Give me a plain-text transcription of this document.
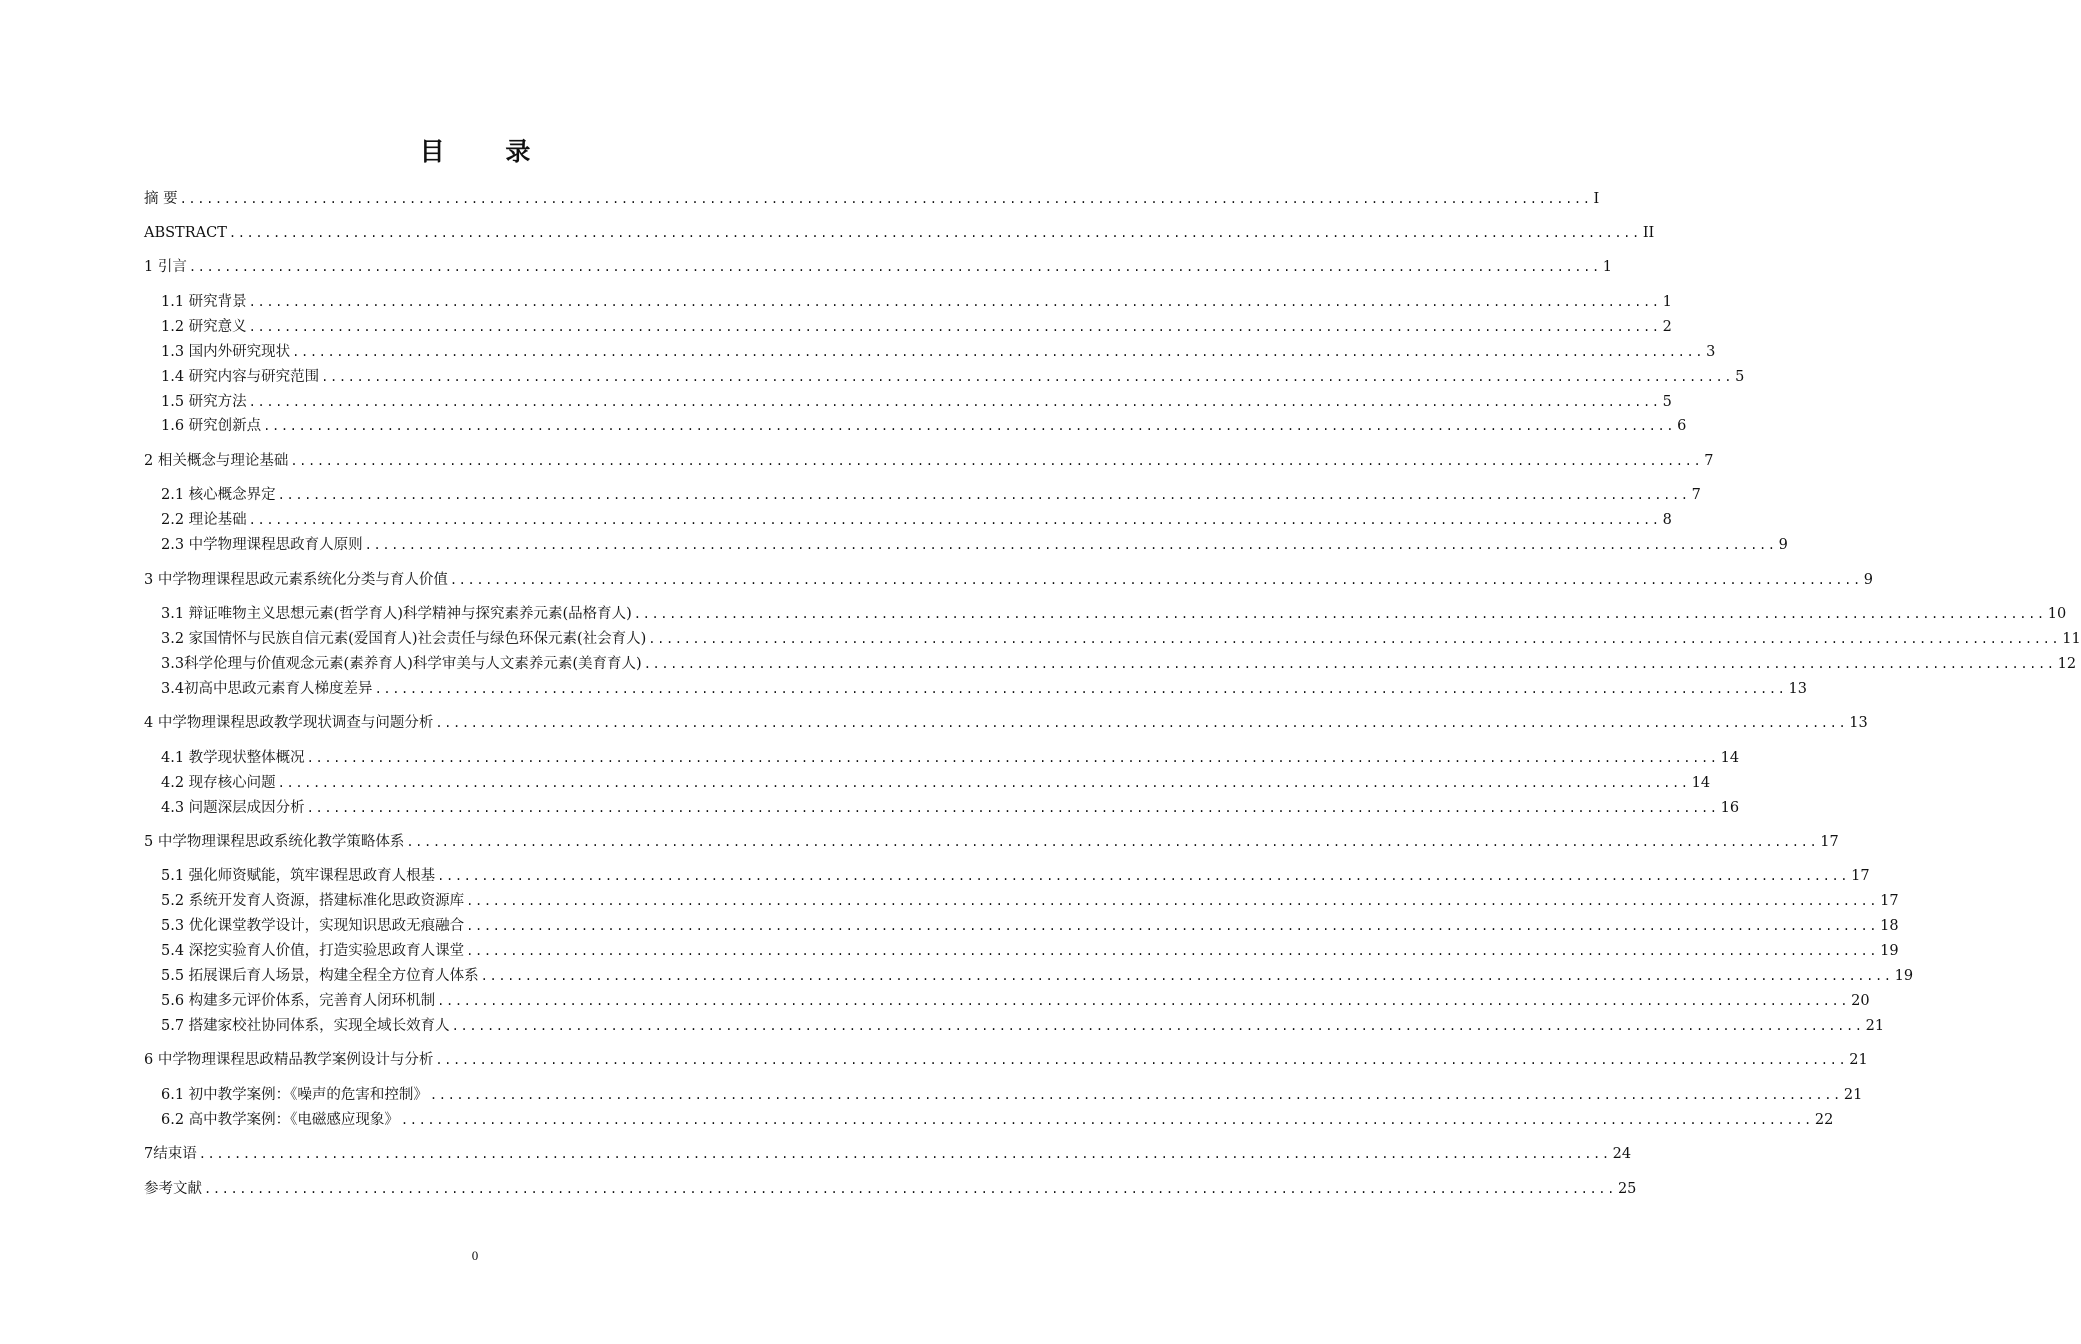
目 录
摘 要 ................................................................................................................................................................ I
ABSTRACT ................................................................................................................................................................ II
1 引言 ................................................................................................................................................................ 1
1.1 研究背景 ................................................................................................................................................................ 1
1.2 研究意义 ................................................................................................................................................................ 2
1.3 国内外研究现状 ................................................................................................................................................................ 3
1.4 研究内容与研究范围 ................................................................................................................................................................ 5
1.5 研究方法 ................................................................................................................................................................ 5
1.6 研究创新点 ................................................................................................................................................................ 6
2 相关概念与理论基础 ................................................................................................................................................................ 7
2.1 核心概念界定 ................................................................................................................................................................ 7
2.2 理论基础 ................................................................................................................................................................ 8
2.3 中学物理课程思政育人原则 ................................................................................................................................................................ 9
3 中学物理课程思政元素系统化分类与育人价值 ................................................................................................................................................................ 9
3.1 辩证唯物主义思想元素(哲学育人)科学精神与探究素养元素(品格育人) ................................................................................................................................................................ 10
3.2 家国情怀与民族自信元素(爱国育人)社会责任与绿色环保元素(社会育人) ................................................................................................................................................................ 11
3.3科学伦理与价值观念元素(素养育人)科学审美与人文素养元素(美育育人) ................................................................................................................................................................ 12
3.4初高中思政元素育人梯度差异 ................................................................................................................................................................ 13
4 中学物理课程思政教学现状调查与问题分析 ................................................................................................................................................................ 13
4.1 教学现状整体概况 ................................................................................................................................................................ 14
4.2 现存核心问题 ................................................................................................................................................................ 14
4.3 问题深层成因分析 ................................................................................................................................................................ 16
5 中学物理课程思政系统化教学策略体系 ................................................................................................................................................................ 17
5.1 强化师资赋能，筑牢课程思政育人根基 ................................................................................................................................................................ 17
5.2 系统开发育人资源，搭建标准化思政资源库 ................................................................................................................................................................ 17
5.3 优化课堂教学设计，实现知识思政无痕融合 ................................................................................................................................................................ 18
5.4 深挖实验育人价值，打造实验思政育人课堂 ................................................................................................................................................................ 19
5.5 拓展课后育人场景，构建全程全方位育人体系 ................................................................................................................................................................ 19
5.6 构建多元评价体系，完善育人闭环机制 ................................................................................................................................................................ 20
5.7 搭建家校社协同体系，实现全域长效育人 ................................................................................................................................................................ 21
6 中学物理课程思政精品教学案例设计与分析 ................................................................................................................................................................ 21
6.1 初中教学案例：《噪声的危害和控制》 ................................................................................................................................................................ 21
6.2 高中教学案例：《电磁感应现象》 ................................................................................................................................................................ 22
7结束语 ................................................................................................................................................................ 24
参考文献 ................................................................................................................................................................ 25
0
